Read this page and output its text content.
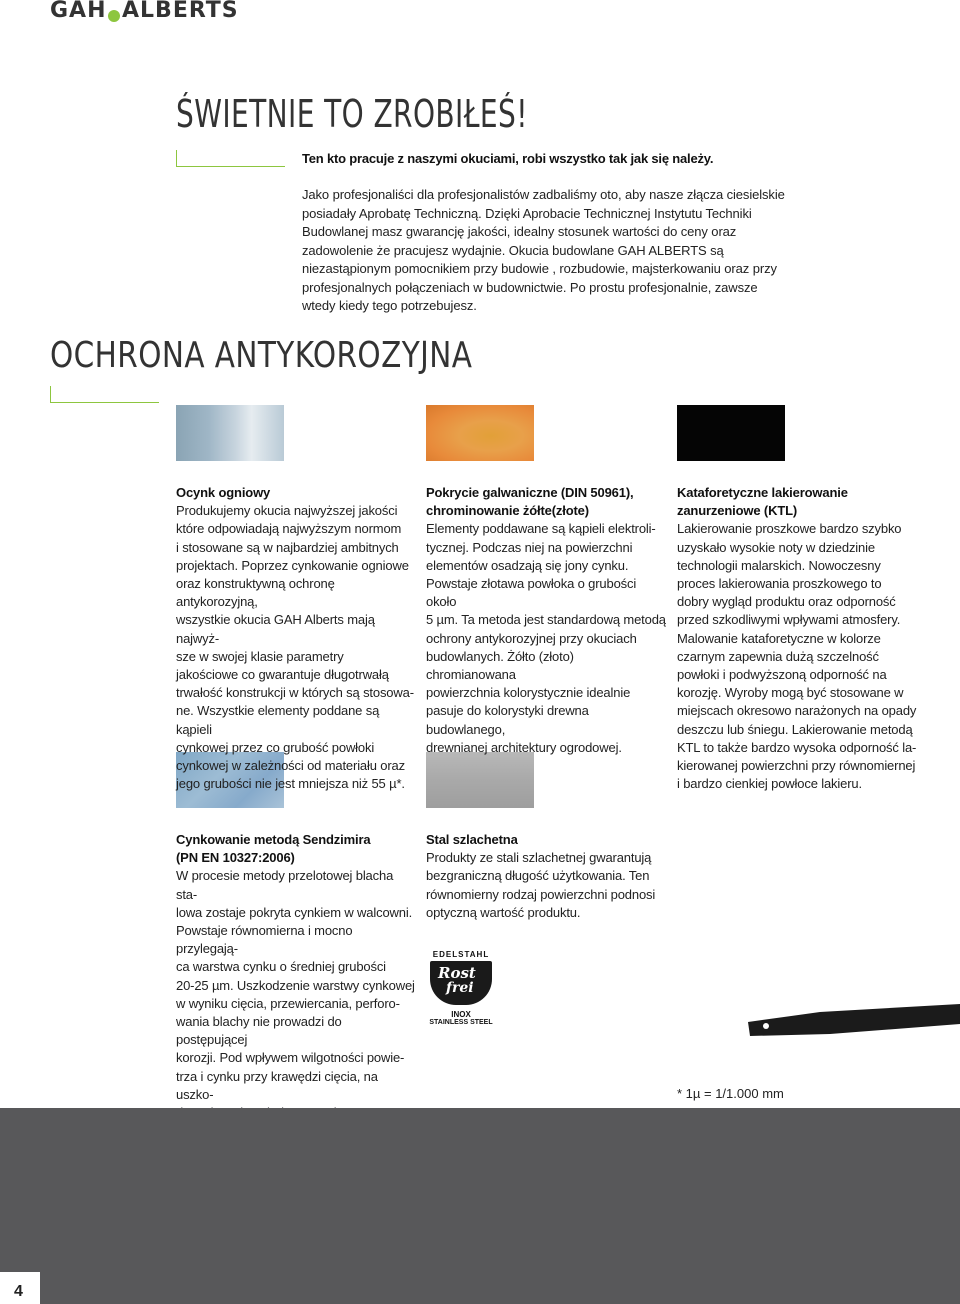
GAH ALBERTS
ŚWIETNIE TO ZROBIŁEŚ!
Ten kto pracuje z naszymi okuciami, robi wszystko tak jak się należy.
Jako profesjonaliści dla profesjonalistów zadbaliśmy oto, aby nasze złącza ciesielskie posiadały Aprobatę Techniczną. Dzięki Aprobacie Technicznej Instytutu Techniki Budowlanej masz gwarancję jakości, idealny stosunek wartości do ceny oraz zadowolenie że pracujesz wydajnie. Okucia budowlane GAH ALBERTS są niezastąpionym pomocnikiem przy budowie , rozbudowie, majsterkowaniu oraz przy profesjonalnych połączeniach w budownictwie. Po prostu profesjonalnie, zawsze wtedy kiedy tego potrzebujesz.
OCHRONA ANTYKOROZYJNA
Ocynk ogniowy
Produkujemy okucia najwyższej jakości
które odpowiadają najwyższym normom
i stosowane są w najbardziej ambitnych
projektach. Poprzez cynkowanie ogniowe
oraz konstruktywną ochronę antykorozyjną,
wszystkie okucia GAH Alberts mają najwyż-
sze w swojej klasie parametry
jakościowe co gwarantuje długotrwałą
trwałość konstrukcji w których są stosowa-
ne. Wszystkie elementy poddane są kąpieli
cynkowej przez co grubość powłoki
cynkowej w zależności od materiału oraz
jego grubości nie jest mniejsza niż 55 µ*.
Pokrycie galwaniczne (DIN 50961),
chrominowanie żółte(złote)
Elementy poddawane są kąpieli elektroli-
tycznej. Podczas niej na powierzchni
elementów osadzają się jony cynku.
Powstaje złotawa powłoka o grubości około
5 µm. Ta metoda jest standardową metodą
ochrony antykorozyjnej przy okuciach
budowlanych. Żółto (złoto) chromianowana
powierzchnia kolorystycznie idealnie
pasuje do kolorystyki drewna budowlanego,
drewnianej architektury ogrodowej.
Kataforetyczne lakierowanie
zanurzeniowe (KTL)
Lakierowanie proszkowe bardzo szybko
uzyskało wysokie noty w dziedzinie
technologii malarskich. Nowoczesny
proces lakierowania proszkowego to
dobry wygląd produktu oraz odporność
przed szkodliwymi wpływami atmosfery.
Malowanie kataforetyczne w kolorze
czarnym zapewnia dużą szczelność
powłoki i podwyższoną odporność na
korozję. Wyroby mogą być stosowane w
miejscach okresowo narażonych na opady
deszczu lub śniegu. Lakierowanie metodą
KTL to także bardzo wysoka odporność la-
kierowanej powierzchni przy równomiernej
i bardzo cienkiej powłoce lakieru.
Cynkowanie metodą Sendzimira
(PN EN 10327:2006)
W procesie metody przelotowej blacha sta-
lowa zostaje pokryta cynkiem w walcowni.
Powstaje równomierna i mocno przylegają-
ca warstwa cynku o średniej grubości
20-25 µm. Uszkodzenie warstwy cynkowej
w wyniku cięcia, przewiercania, perforo-
wania blachy nie prowadzi do postępującej
korozji. Pod wpływem wilgotności powie-
trza i cynku przy krawędzi cięcia, na uszko-

Stal szlachetna
Produkty ze stali szlachetnej gwarantują
bezgraniczną długość użytkowania. Ten
równomierny rodzaj powierzchni podnosi
optyczną wartość produktu.
EDELSTAHL
Rost
frei
INOX
STAINLESS STEEL
* 1µ = 1/1.000 mm
4
